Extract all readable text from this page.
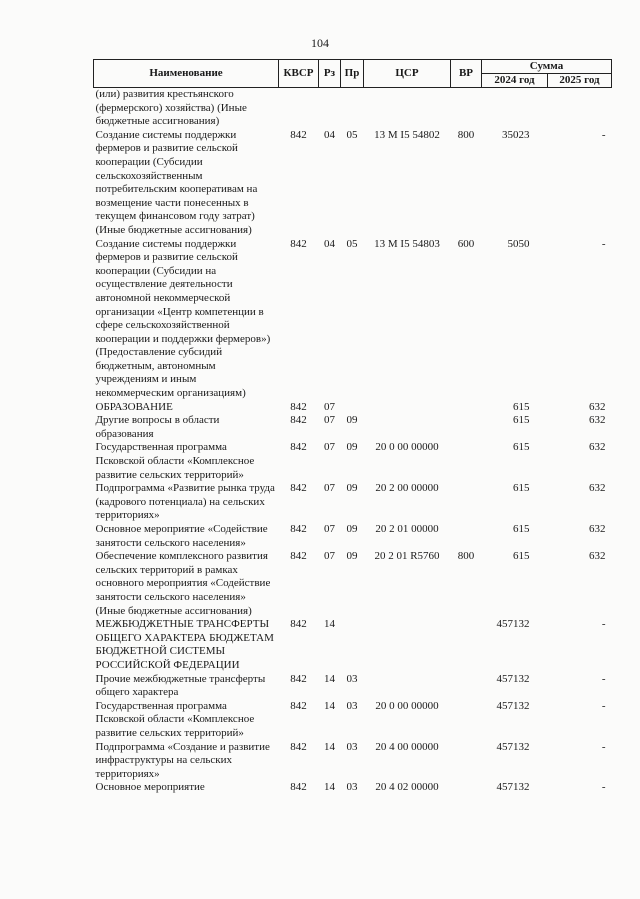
104
Наименование	КВСР	Рз	Пр	ЦСР	ВР	Сумма	
						2024 год	2025 год
(или) развития крестьянского (фермерского) хозяйства) (Иные бюджетные ассигнования)							
Создание системы поддержки фермеров и развитие сельской кооперации (Субсидии сельскохозяйственным потребительским кооперативам на возмещение части понесенных в текущем финансовом году затрат) (Иные бюджетные ассигнования)	842	04	05	13 М I5 54802	800	35023	-
Создание системы поддержки фермеров и развитие сельской кооперации (Субсидии на осуществление деятельности автономной некоммерческой организации «Центр компетенции в сфере сельскохозяйственной кооперации и поддержки фермеров») (Предоставление субсидий бюджетным, автономным учреждениям и иным некоммерческим организациям)	842	04	05	13 М I5 54803	600	5050	-
ОБРАЗОВАНИЕ	842	07				615	632
Другие вопросы в области образования	842	07	09			615	632
Государственная программа Псковской области «Комплексное развитие сельских территорий»	842	07	09	20 0 00 00000		615	632
Подпрограмма «Развитие рынка труда (кадрового потенциала) на сельских территориях»	842	07	09	20 2 00 00000		615	632
Основное мероприятие «Содействие занятости сельского населения»	842	07	09	20 2 01 00000		615	632
Обеспечение комплексного развития сельских территорий в рамках основного мероприятия «Содействие занятости сельского населения» (Иные бюджетные ассигнования)	842	07	09	20 2 01 R5760	800	615	632
МЕЖБЮДЖЕТНЫЕ ТРАНСФЕРТЫ ОБЩЕГО ХАРАКТЕРА БЮДЖЕТАМ БЮДЖЕТНОЙ СИСТЕМЫ РОССИЙСКОЙ ФЕДЕРАЦИИ	842	14				457132	-
Прочие межбюджетные трансферты общего характера	842	14	03			457132	-
Государственная программа Псковской области «Комплексное развитие сельских территорий»	842	14	03	20 0 00 00000		457132	-
Подпрограмма «Создание и развитие инфраструктуры на сельских территориях»	842	14	03	20 4 00 00000		457132	-
Основное мероприятие	842	14	03	20 4 02 00000		457132	-
